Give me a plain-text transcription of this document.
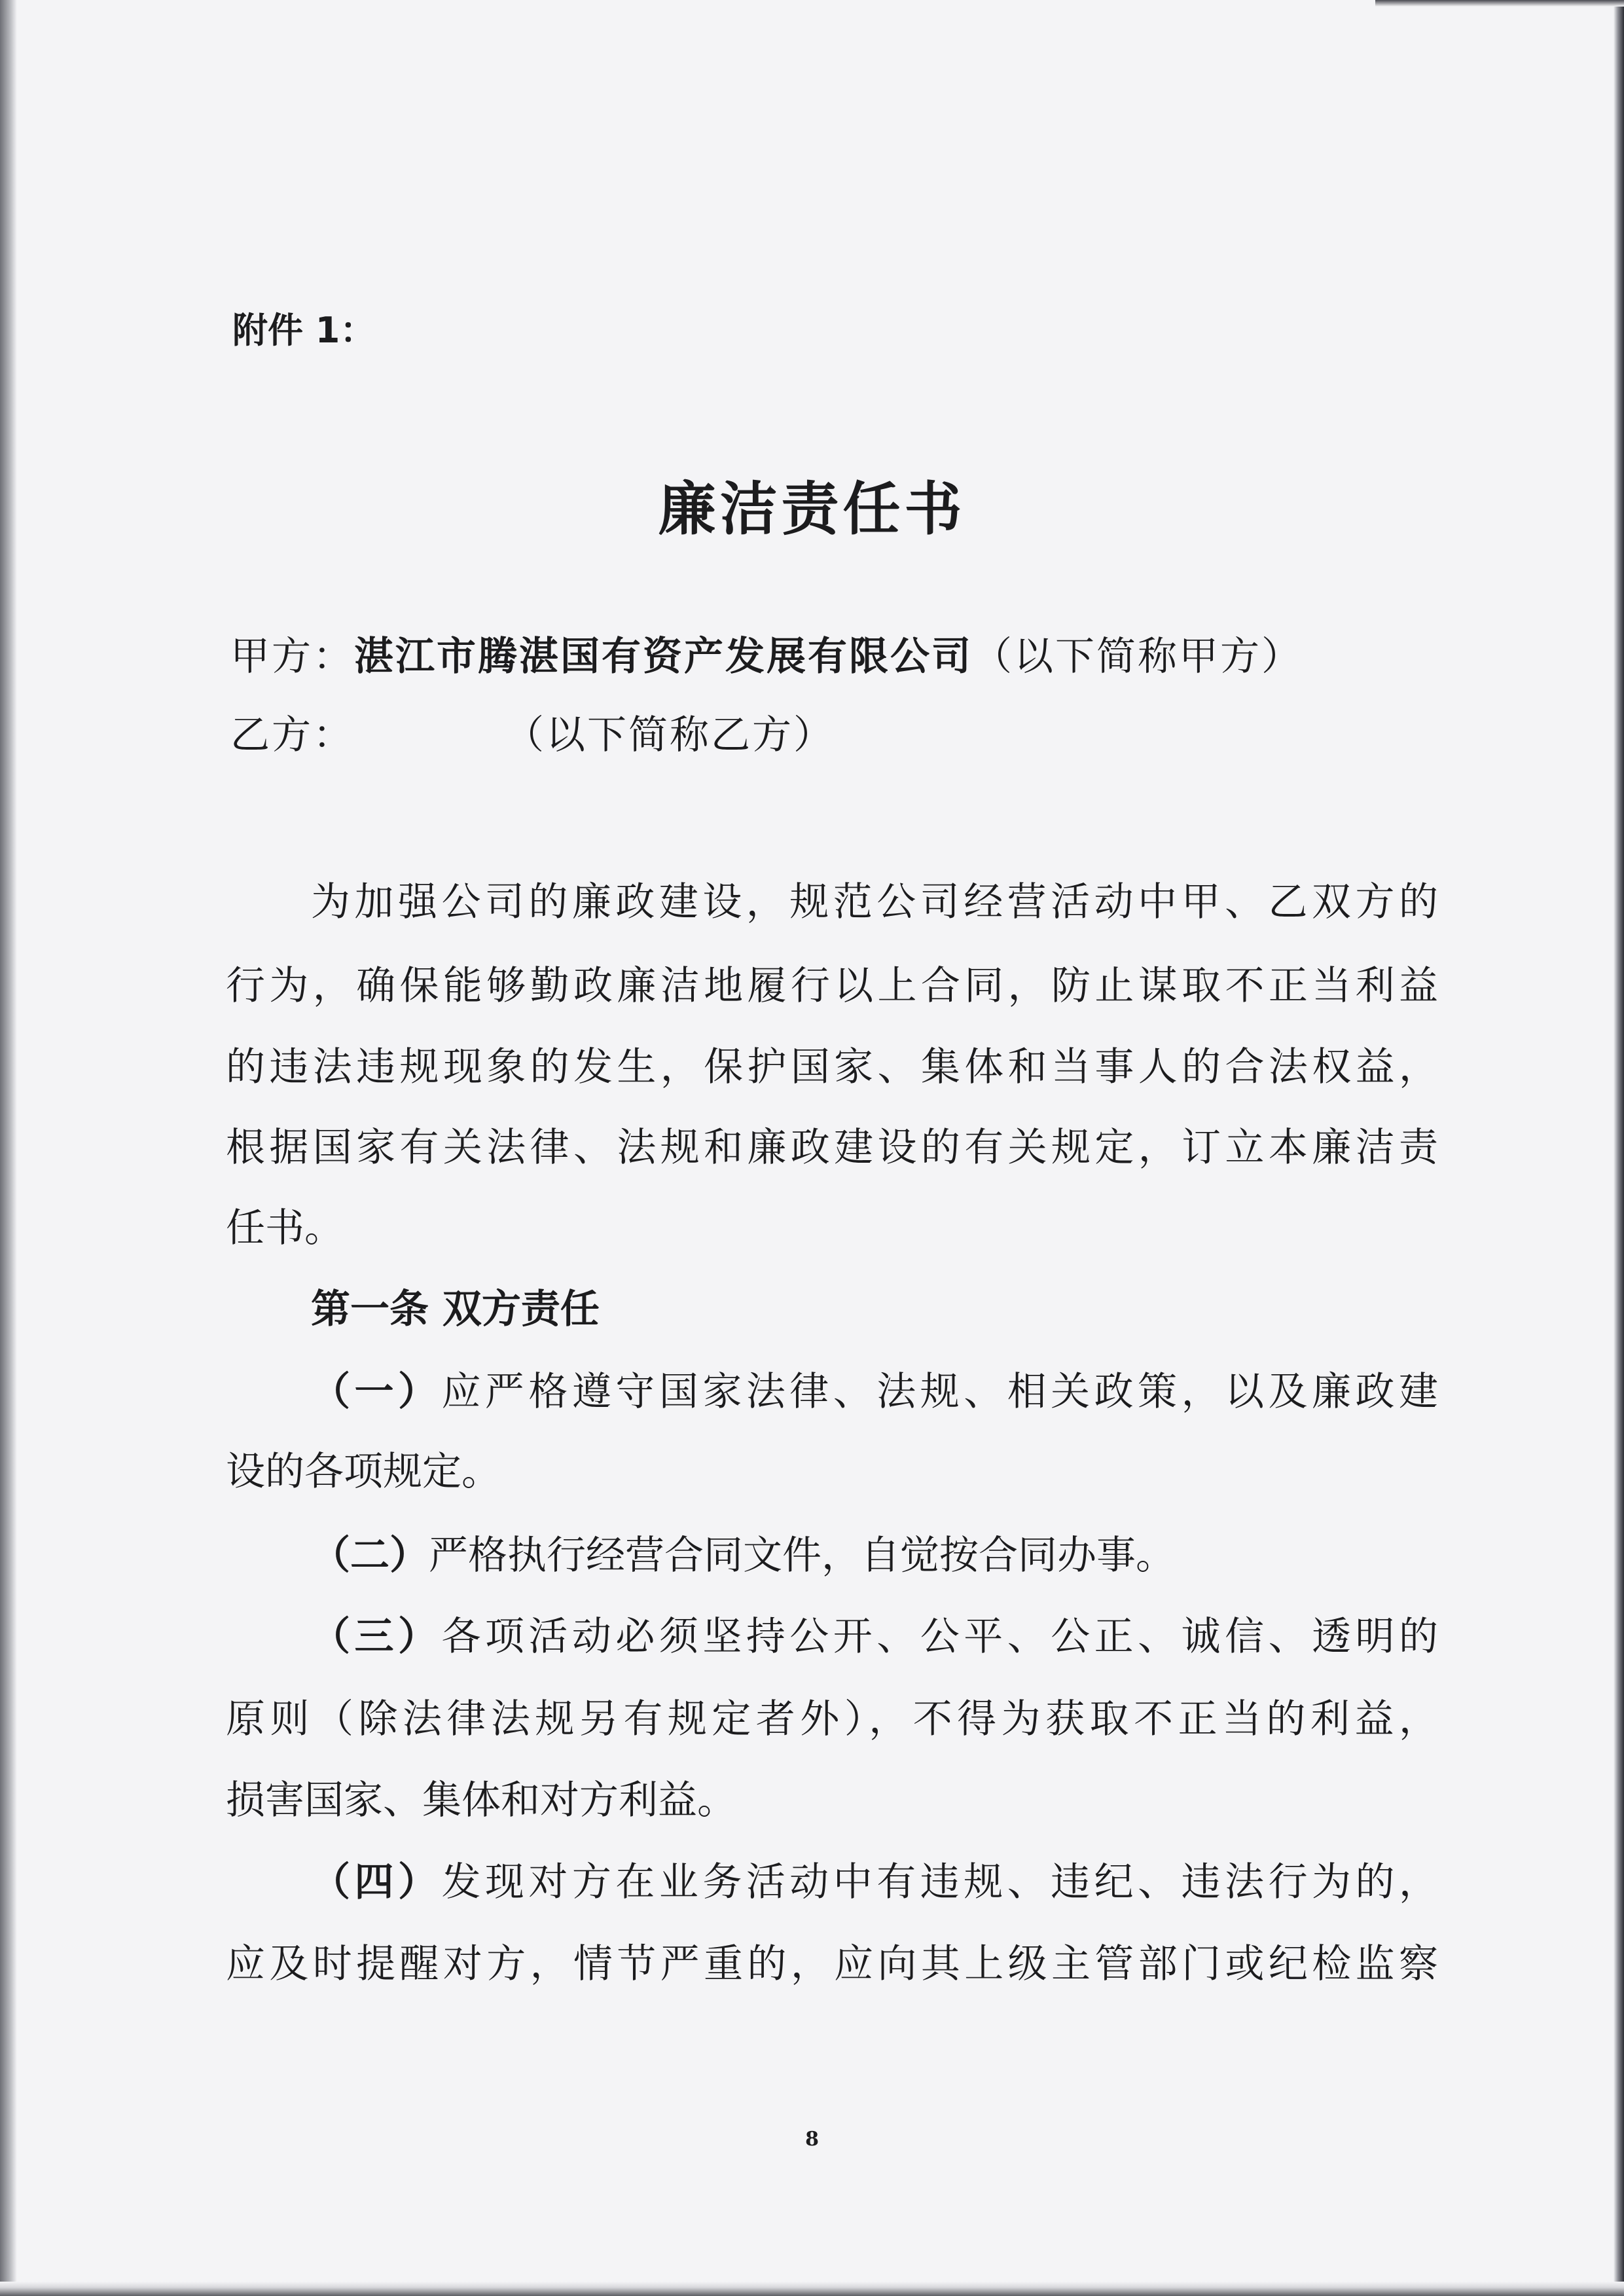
附件 1：
廉洁责任书
甲方：湛江市腾湛国有资产发展有限公司（以下简称甲方）
乙方：	（以下简称乙方）
为加强公司的廉政建设，规范公司经营活动中甲、乙双方的
行为，确保能够勤政廉洁地履行以上合同，防止谋取不正当利益
的违法违规现象的发生，保护国家、集体和当事人的合法权益，
根据国家有关法律、法规和廉政建设的有关规定，订立本廉洁责
任书。
第一条 双方责任
（一）应严格遵守国家法律、法规、相关政策，以及廉政建
设的各项规定。
（二）严格执行经营合同文件，自觉按合同办事。
（三）各项活动必须坚持公开、公平、公正、诚信、透明的
原则（除法律法规另有规定者外），不得为获取不正当的利益，
损害国家、集体和对方利益。
（四）发现对方在业务活动中有违规、违纪、违法行为的，
应及时提醒对方，情节严重的，应向其上级主管部门或纪检监察
8
